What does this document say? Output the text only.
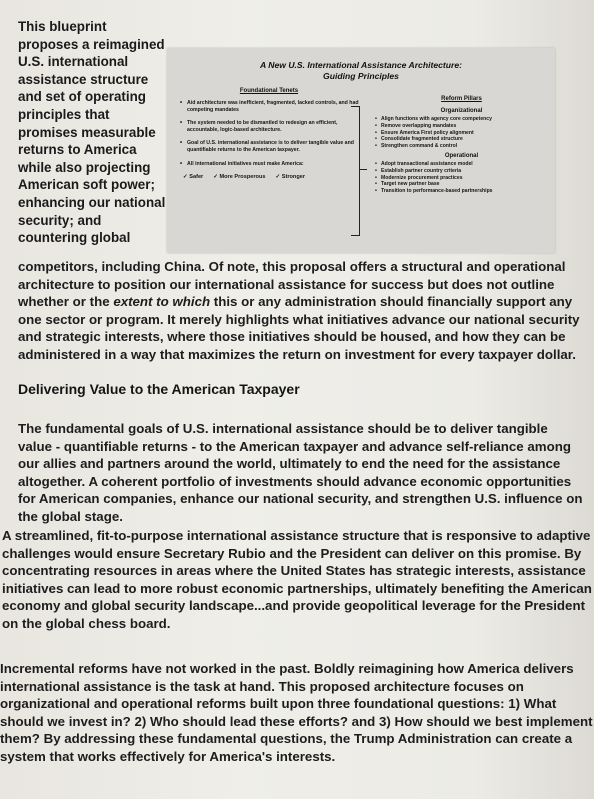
This blueprint proposes a reimagined U.S. international assistance structure and set of operating principles that promises measurable returns to America while also projecting American soft power; enhancing our national security; and countering global

A New U.S. International Assistance Architecture:
Guiding Principles
Foundational Tenets
• Aid architecture was inefficient, fragmented, lacked controls, and had competing mandates
• The system needed to be dismantled to redesign an efficient, accountable, logic-based architecture.
• Goal of U.S. international assistance is to deliver tangible value and quantifiable returns to the American taxpayer.
• All international initiatives must make America:
✓ Safer ✓ More Prosperous ✓ Stronger
Reform Pillars
Organizational
• Align functions with agency core competency
• Remove overlapping mandates
• Ensure America First policy alignment
• Consolidate fragmented structure
• Strengthen command & control
Operational
• Adopt transactional assistance model
• Establish partner country criteria
• Modernize procurement practices
• Target new partner base
• Transition to performance-based partnerships

competitors, including China. Of note, this proposal offers a structural and operational architecture to position our international assistance for success but does not outline whether or the extent to which this or any administration should financially support any one sector or program. It merely highlights what initiatives advance our national security and strategic interests, where those initiatives should be housed, and how they can be administered in a way that maximizes the return on investment for every taxpayer dollar.

Delivering Value to the American Taxpayer

The fundamental goals of U.S. international assistance should be to deliver tangible value - quantifiable returns - to the American taxpayer and advance self-reliance among our allies and partners around the world, ultimately to end the need for the assistance altogether. A coherent portfolio of investments should advance economic opportunities for American companies, enhance our national security, and strengthen U.S. influence on the global stage.

A streamlined, fit-to-purpose international assistance structure that is responsive to adaptive challenges would ensure Secretary Rubio and the President can deliver on this promise. By concentrating resources in areas where the United States has strategic interests, assistance initiatives can lead to more robust economic partnerships, ultimately benefiting the American economy and global security landscape...and provide geopolitical leverage for the President on the global chess board.

Incremental reforms have not worked in the past. Boldly reimagining how America delivers international assistance is the task at hand. This proposed architecture focuses on organizational and operational reforms built upon three foundational questions: 1) What should we invest in? 2) Who should lead these efforts? and 3) How should we best implement them? By addressing these fundamental questions, the Trump Administration can create a system that works effectively for America's interests.
